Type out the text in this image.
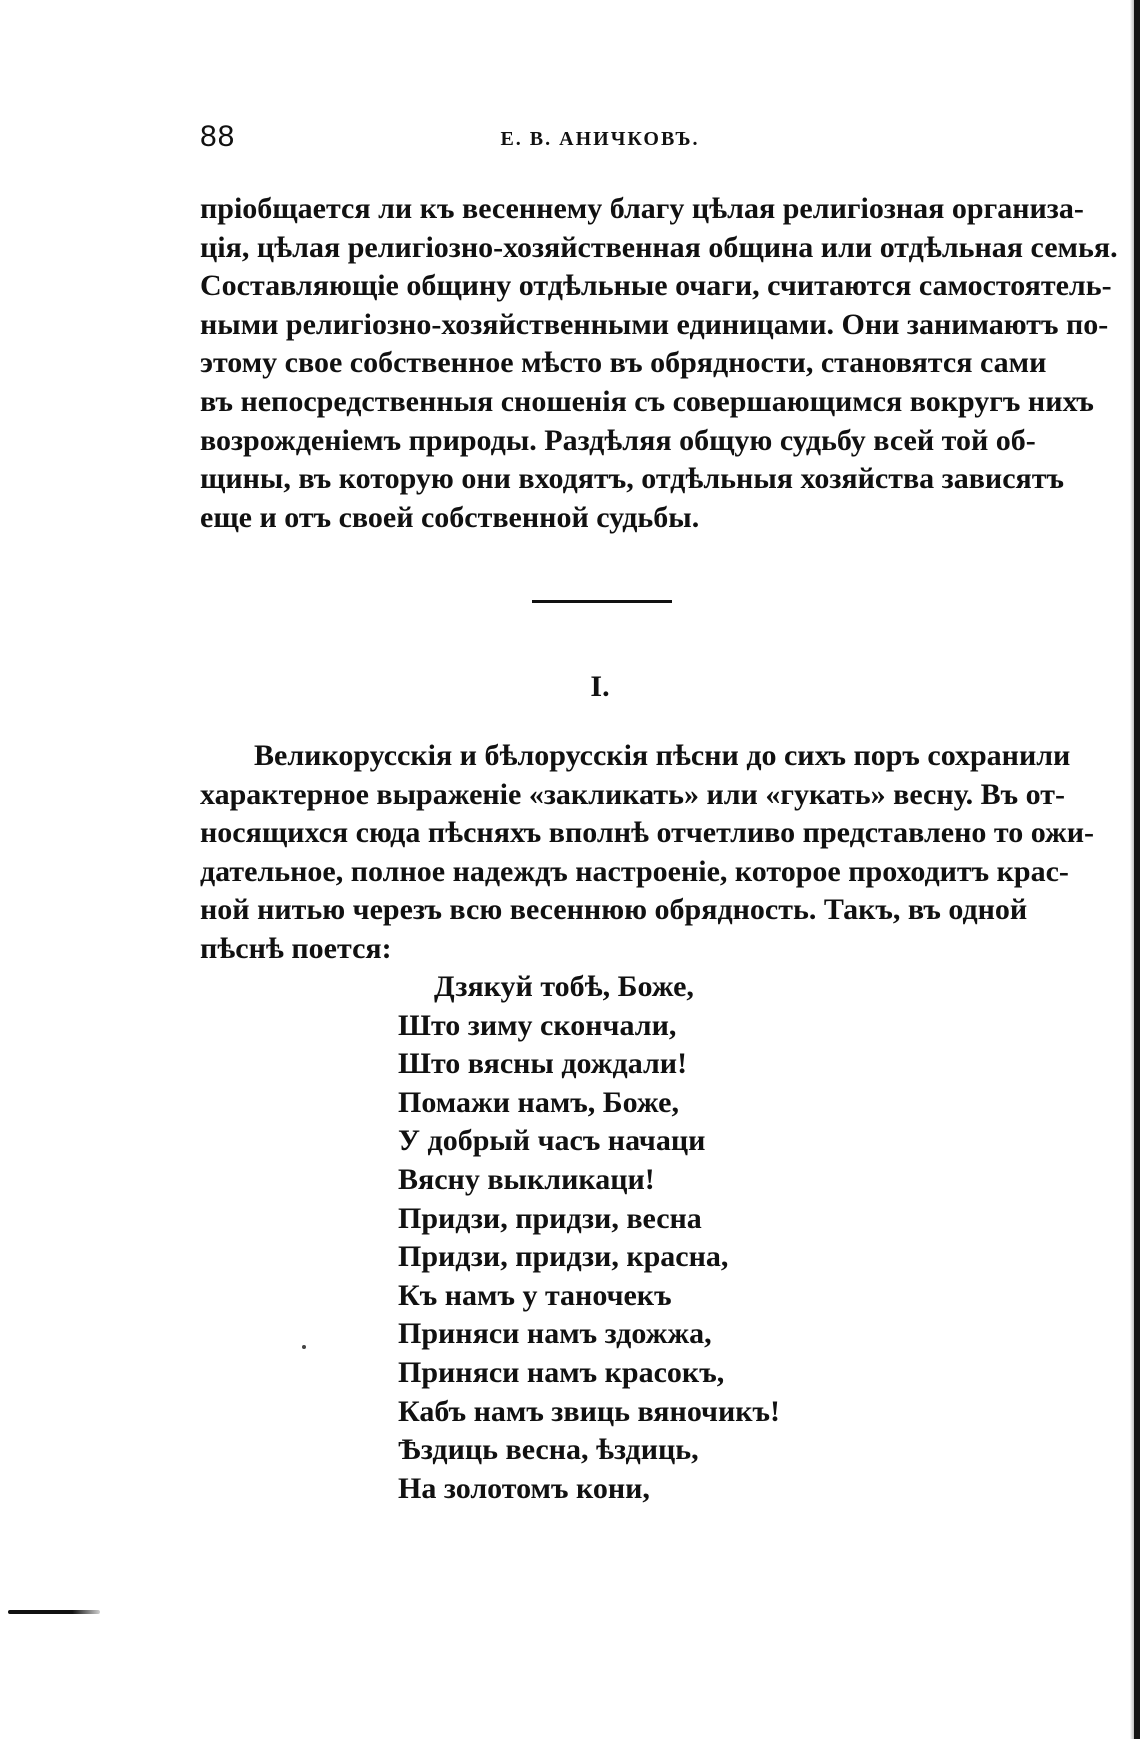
88	Е. В. АНИЧКОВЪ.
пріобщается ли къ весеннему благу цѣлая религіозная организа-
ція, цѣлая религіозно-хозяйственная община или отдѣльная семья.
Составляющіе общину отдѣльные очаги, считаются самостоятель-
ными религіозно-хозяйственными единицами. Они занимаютъ по-
этому свое собственное мѣсто въ обрядности, становятся сами
въ непосредственныя сношенія съ совершающимся вокругъ нихъ
возрожденіемъ природы. Раздѣляя общую судьбу всей той об-
щины, въ которую они входятъ, отдѣльныя хозяйства зависятъ
еще и отъ своей собственной судьбы.
I.
Великорусскія и бѣлорусскія пѣсни до сихъ поръ сохранили
характерное выраженіе «закликать» или «гукать» весну. Въ от-
носящихся сюда пѣсняхъ вполнѣ отчетливо представлено то ожи-
дательное, полное надеждъ настроеніе, которое проходитъ крас-
ной нитью черезъ всю весеннюю обрядность. Такъ, въ одной
пѣснѣ поется:
Дзякуй тобѣ, Боже,
Што зиму скончали,
Што вясны дождали!
Помажи намъ, Боже,
У добрый часъ начаци
Вясну выкликаци!
Придзи, придзи, весна
Придзи, придзи, красна,
Къ намъ у таночекъ
Приняси намъ здожжа,
Приняси намъ красокъ,
Кабъ намъ звиць вяночикъ!
Ѣздиць весна, ѣздиць,
На золотомъ кони,
